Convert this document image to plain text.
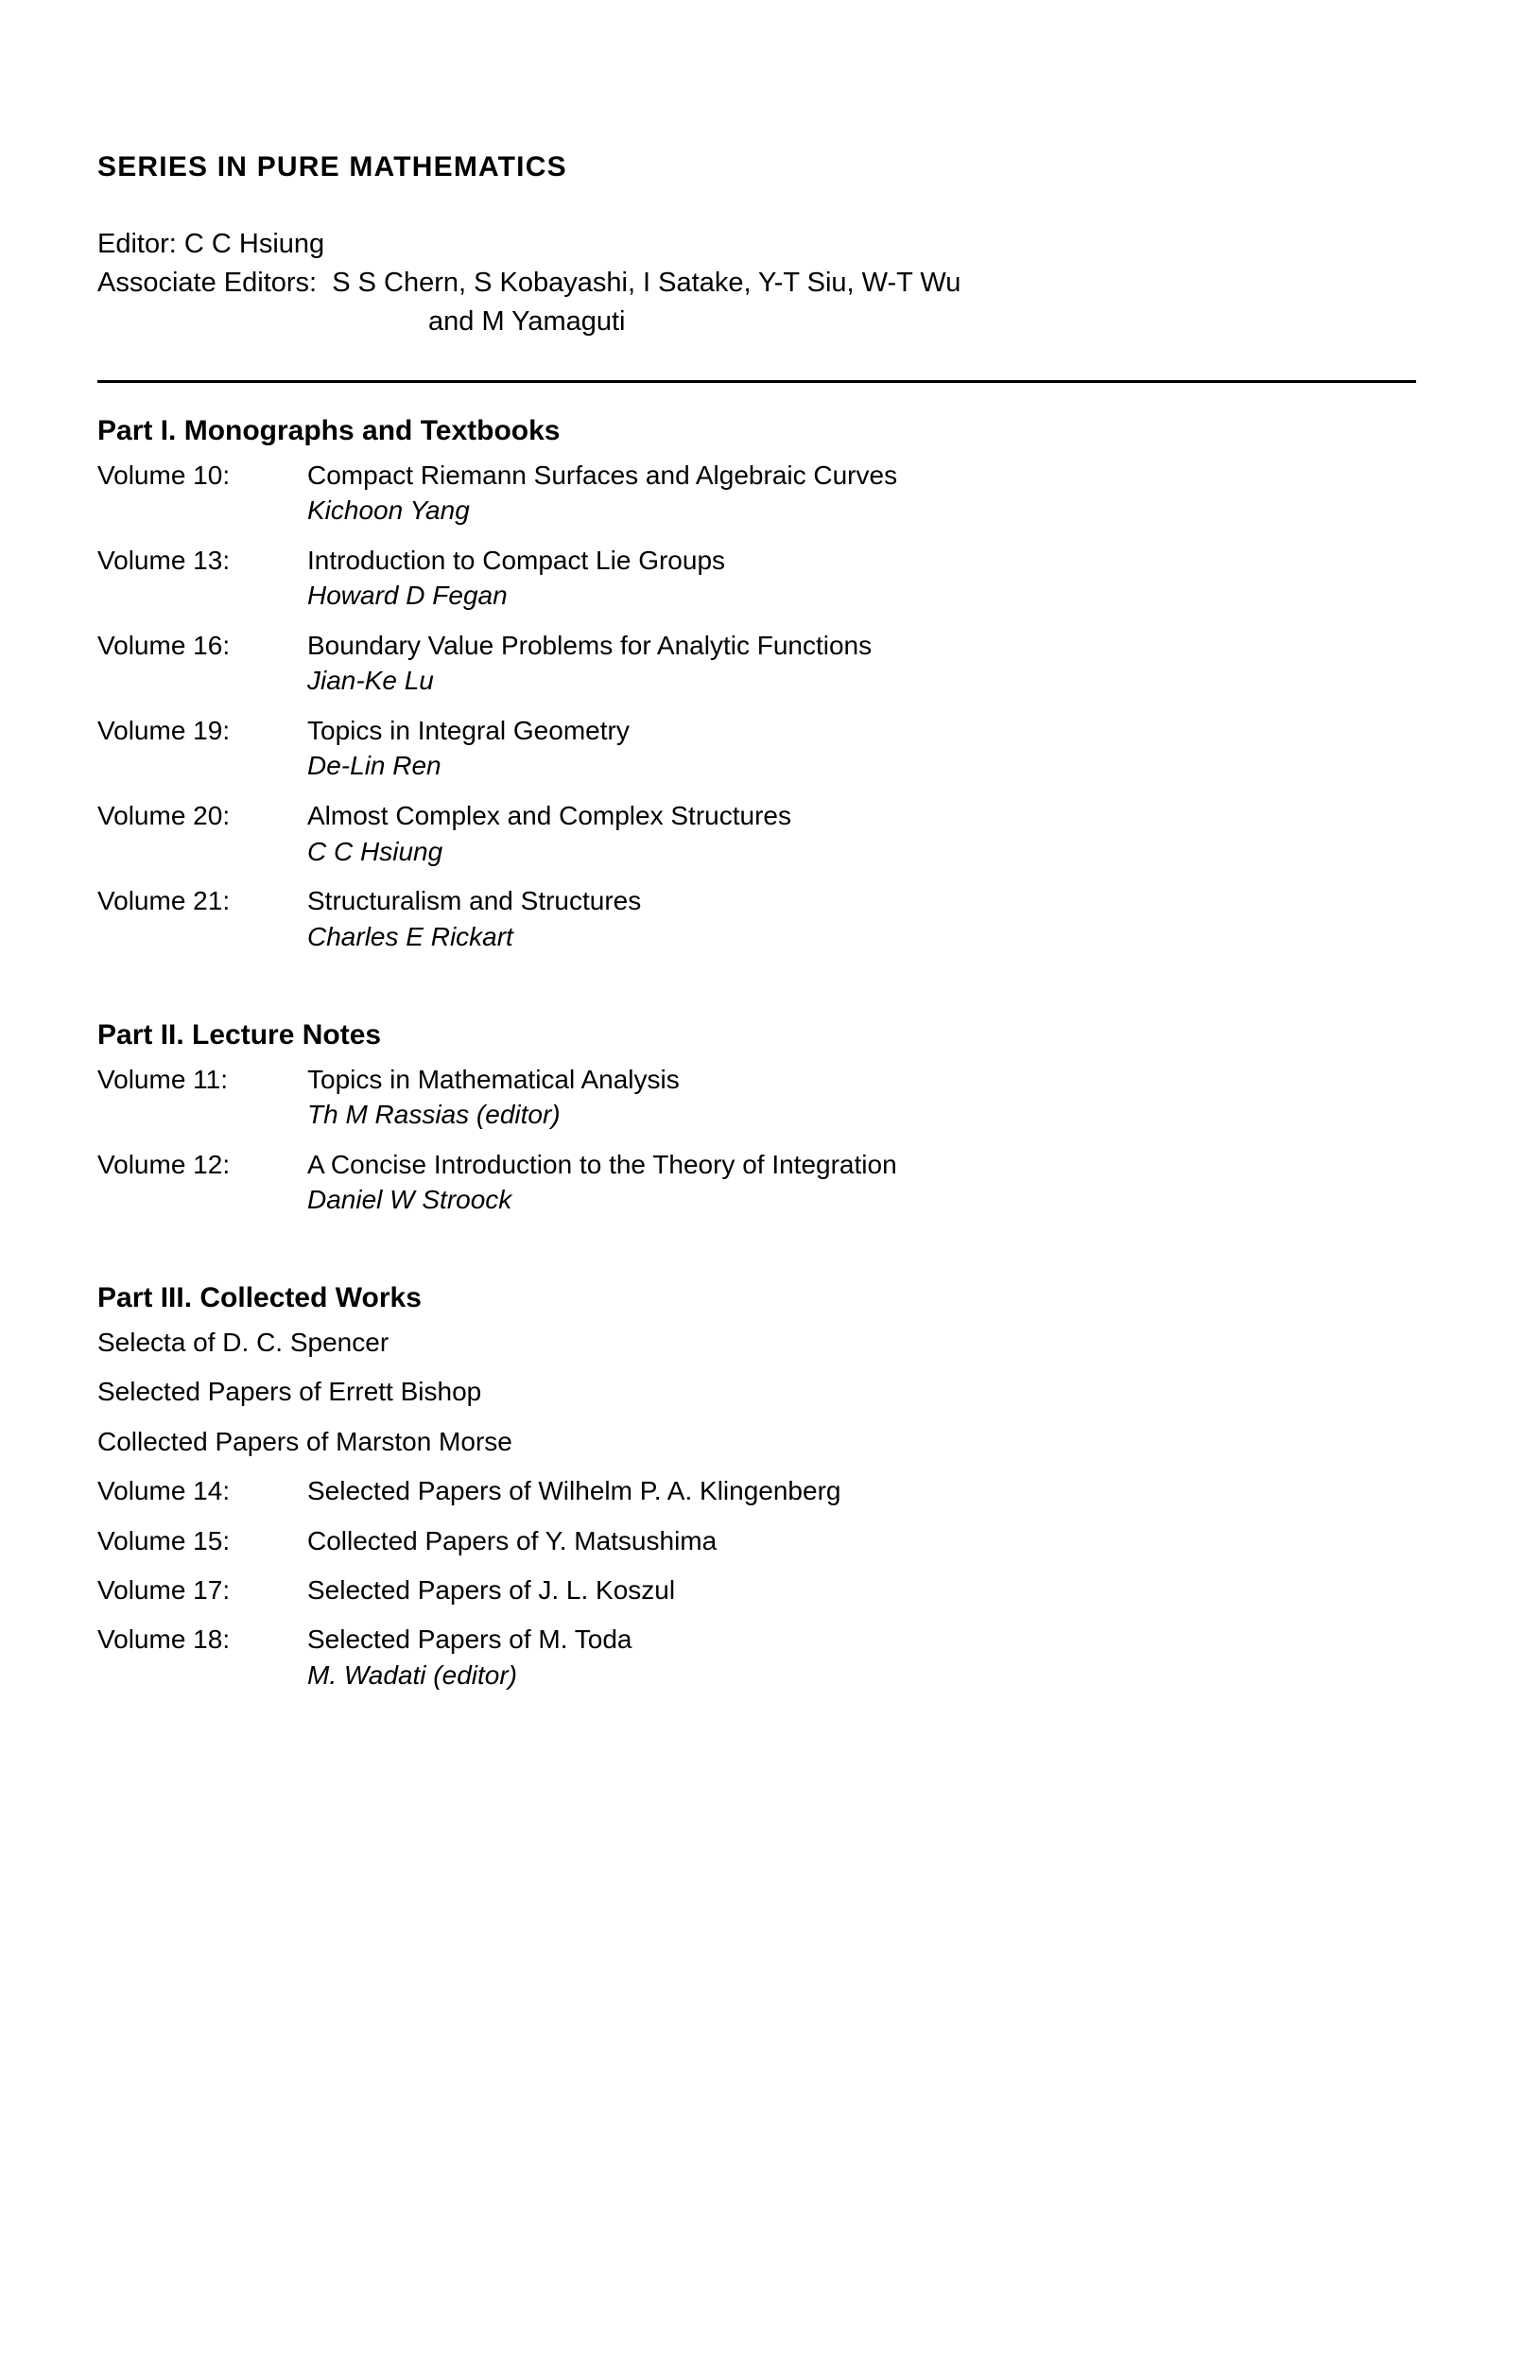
SERIES IN PURE MATHEMATICS

Editor: C C Hsiung

Associate Editors:  S S Chern, S Kobayashi, I Satake, Y-T Siu, W-T Wu

and M Yamaguti

Part I. Monographs and Textbooks
Volume 10:	Compact Riemann Surfaces and Algebraic Curves
Kichoon Yang
Volume 13:	Introduction to Compact Lie Groups
Howard D Fegan
Volume 16:	Boundary Value Problems for Analytic Functions
Jian-Ke Lu
Volume 19:	Topics in Integral Geometry
De-Lin Ren
Volume 20:	Almost Complex and Complex Structures
C C Hsiung
Volume 21:	Structuralism and Structures
Charles E Rickart
Part II. Lecture Notes
Volume 11:	Topics in Mathematical Analysis
Th M Rassias (editor)
Volume 12:	A Concise Introduction to the Theory of Integration
Daniel W Stroock
Part III. Collected Works
Selecta of D. C. Spencer
Selected Papers of Errett Bishop
Collected Papers of Marston Morse
Volume 14:	Selected Papers of Wilhelm P. A. Klingenberg
Volume 15:	Collected Papers of Y. Matsushima
Volume 17:	Selected Papers of J. L. Koszul
Volume 18:	Selected Papers of M. Toda
M. Wadati (editor)
